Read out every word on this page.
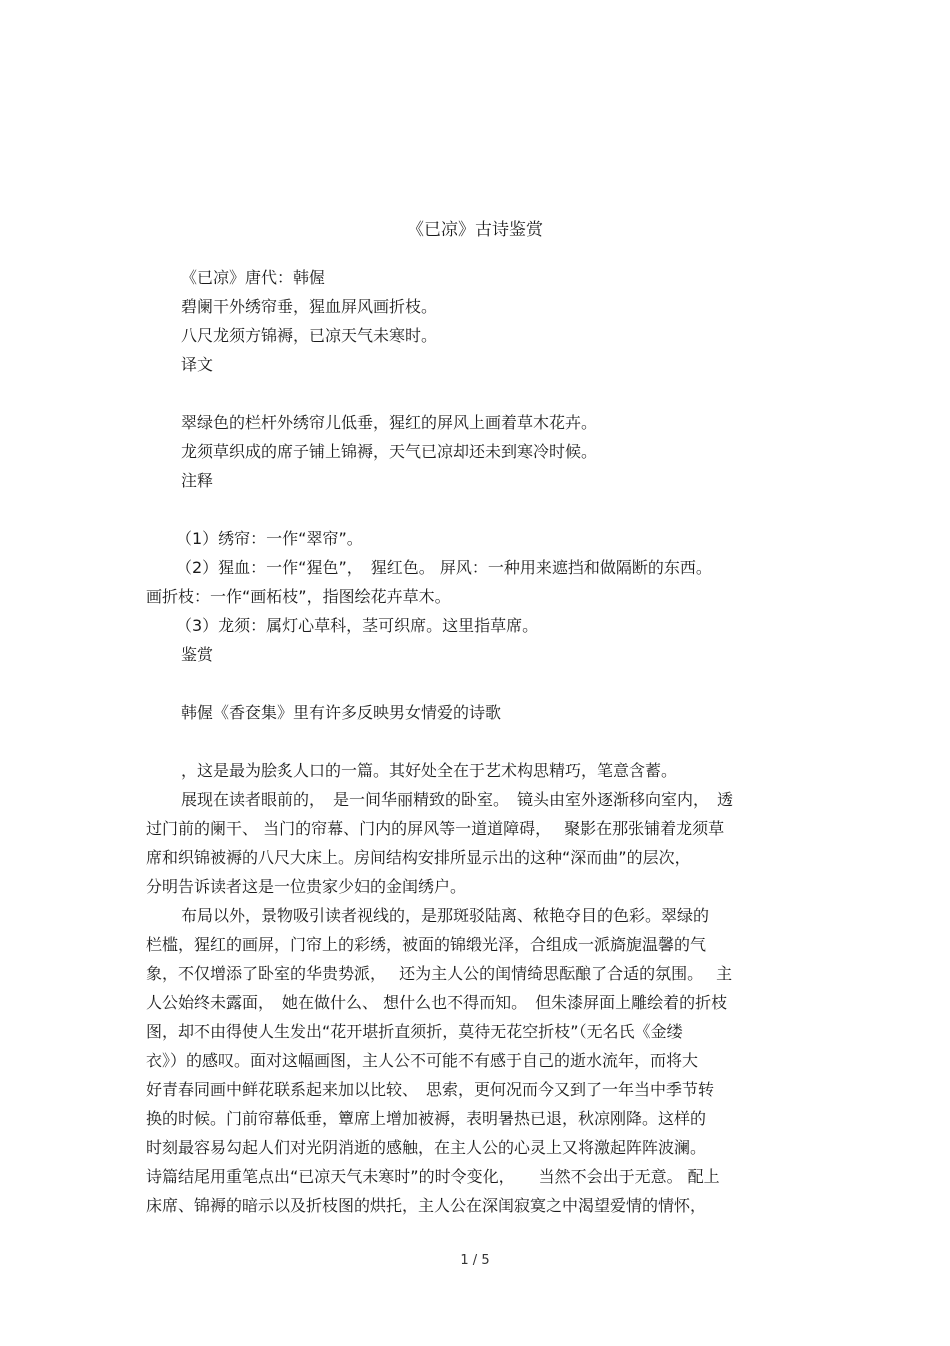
《已凉》古诗鉴赏

《已凉》唐代：韩偓

碧阑干外绣帘垂，猩血屏风画折枝。

八尺龙须方锦褥，已凉天气未寒时。

译文

翠绿色的栏杆外绣帘儿低垂，猩红的屏风上画着草木花卉。

龙须草织成的席子铺上锦褥，天气已凉却还未到寒冷时候。

注释

（1）绣帘：一作“翠帘”。

（2）猩血：一作“猩色”，　猩红色。 屏风：一种用来遮挡和做隔断的东西。

画折枝：一作“画柘枝”，指图绘花卉草木。

（3）龙须：属灯心草科，茎可织席。这里指草席。

鉴赏

韩偓《香奁集》里有许多反映男女情爱的诗歌

，这是最为脍炙人口的一篇。其好处全在于艺术构思精巧，笔意含蓄。

展现在读者眼前的，　是一间华丽精致的卧室。　镜头由室外逐渐移向室内，　透

过门前的阑干、 当门的帘幕、门内的屏风等一道道障碍，　 聚影在那张铺着龙须草

席和织锦被褥的八尺大床上。房间结构安排所显示出的这种“深而曲”的层次，

分明告诉读者这是一位贵家少妇的金闺绣户。

布局以外，景物吸引读者视线的，是那斑驳陆离、秾艳夺目的色彩。翠绿的

栏槛，猩红的画屏，门帘上的彩绣，被面的锦缎光泽，合组成一派旖旎温馨的气

象，不仅增添了卧室的华贵势派，　 还为主人公的闺情绮思酝酿了合适的氛围。　 主

人公始终未露面，　她在做什么、 想什么也不得而知。　但朱漆屏面上雕绘着的折枝

图，却不由得使人生发出“花开堪折直须折，莫待无花空折枝”（无名氏《金缕

衣》）的感叹。面对这幅画图，主人公不可能不有感于自己的逝水流年，而将大

好青春同画中鲜花联系起来加以比较、　思索，更何况而今又到了一年当中季节转

换的时候。门前帘幕低垂，簟席上增加被褥，表明暑热已退，秋凉刚降。这样的

时刻最容易勾起人们对光阴消逝的感触，在主人公的心灵上又将激起阵阵波澜。

诗篇结尾用重笔点出“已凉天气未寒时”的时令变化，　　当然不会出于无意。 配上

床席、锦褥的暗示以及折枝图的烘托，主人公在深闺寂寞之中渴望爱情的情怀，

1 / 5
